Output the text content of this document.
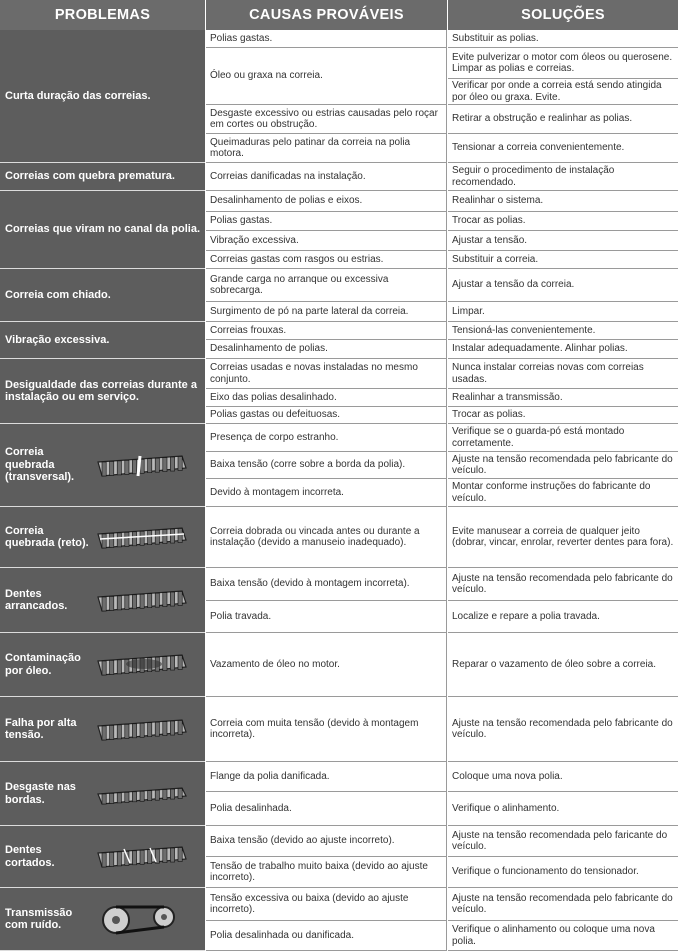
PROBLEMAS	CAUSAS PROVÁVEIS	SOLUÇÕES
Curta duração das correias.
Correias com quebra prematura.
Correias que viram no canal da polia.
Correia com chiado.
Vibração excessiva.
Desigualdade das correias durante a instalação ou em serviço.
Correia quebrada (transversal).
Correia quebrada (reto).
Dentes arrancados.
Contaminação por óleo.
Falha por alta tensão.
Desgaste nas bordas.
Dentes cortados.
Transmissão com ruído.
Polias gastas.
Óleo ou graxa na correia.
Desgaste excessivo ou estrias causadas pelo roçar em cortes ou obstrução.
Queimaduras pelo patinar da correia na polia motora.
Correias danificadas na instalação.
Desalinhamento de polias e eixos.
Polias gastas.
Vibração excessiva.
Correias gastas com rasgos ou estrias.
Grande carga no arranque ou excessiva sobrecarga.
Surgimento de pó na parte lateral da correia.
Correias frouxas.
Desalinhamento de polias.
Correias usadas e novas instaladas no mesmo conjunto.
Eixo das polias desalinhado.
Polias gastas ou defeituosas.
Presença de corpo estranho.
Baixa tensão (corre sobre a borda da polia).
Devido à montagem incorreta.
Correia dobrada ou vincada antes ou durante a instalação (devido a manuseio inadequado).
Baixa tensão (devido à montagem incorreta).
Polia travada.
Vazamento de óleo no motor.
Correia com muita tensão (devido à montagem incorreta).
Flange da polia danificada.
Polia desalinhada.
Baixa tensão (devido ao ajuste incorreto).
Tensão de trabalho muito baixa (devido ao ajuste incorreto).
Tensão excessiva ou baixa (devido ao ajuste incorreto).
Polia desalinhada ou danificada.
Substituir as polias.
Evite pulverizar o motor com óleos ou querosene. Limpar as polias e correias.
Verificar por onde a correia está sendo atingida por óleo ou graxa. Evite.
Retirar a obstrução e realinhar as polias.
Tensionar a correia convenientemente.
Seguir o procedimento de instalação recomendado.
Realinhar o sistema.
Trocar as polias.
Ajustar a tensão.
Substituir a correia.
Ajustar a tensão da correia.
Limpar.
Tensioná-las convenientemente.
Instalar adequadamente. Alinhar polias.
Nunca instalar correias novas com correias usadas.
Realinhar a transmissão.
Trocar as polias.
Verifique se o guarda-pó está montado corretamente.
Ajuste na tensão recomendada pelo fabricante do veículo.
Montar conforme instruções do fabricante do veículo.
Evite manusear a correia de qualquer jeito (dobrar, vincar, enrolar, reverter dentes para fora).
Ajuste na tensão recomendada pelo fabricante do veículo.
Localize e repare a polia travada.
Reparar o vazamento de óleo sobre a correia.
Ajuste na tensão recomendada pelo fabricante do veículo.
Coloque uma nova polia.
Verifique o alinhamento.
Ajuste na tensão recomendada pelo faricante do veículo.
Verifique o funcionamento do tensionador.
Ajuste na tensão recomendada pelo fabricante do veículo.
Verifique o alinhamento ou coloque uma nova polia.
